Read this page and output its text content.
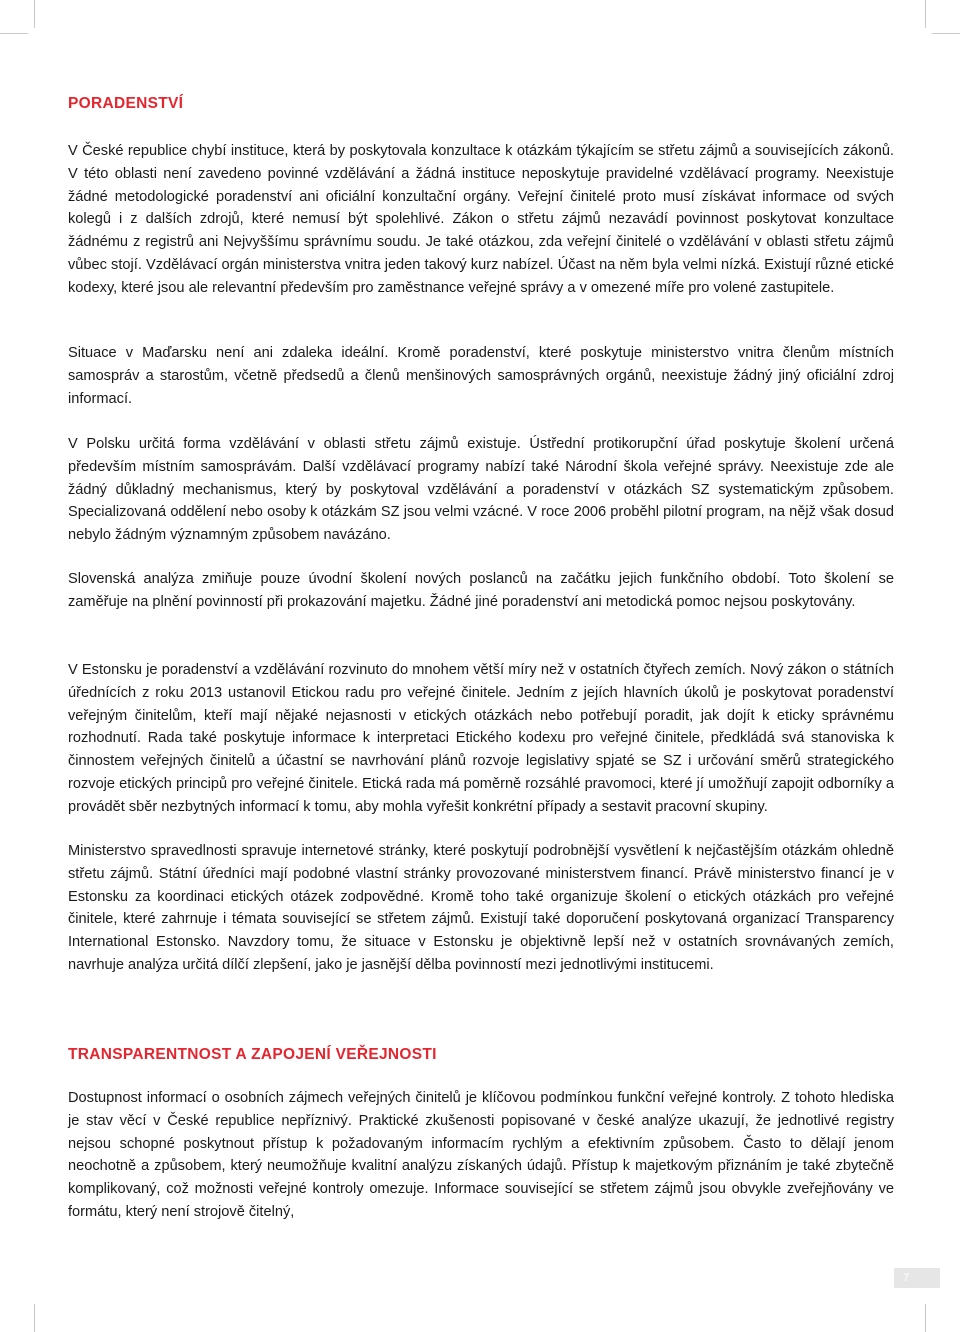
PORADENSTVÍ

V České republice chybí instituce, která by poskytovala konzultace k otázkám týkajícím se střetu zájmů a souvisejících zákonů. V této oblasti není zavedeno povinné vzdělávání a žádná instituce neposkytuje pravidelné vzdělávací programy. Neexistuje žádné metodologické poradenství ani oficiální konzultační orgány. Veřejní činitelé proto musí získávat informace od svých kolegů i z dalších zdrojů, které nemusí být spolehlivé. Zákon o střetu zájmů nezavádí povinnost poskytovat konzultace žádnému z registrů ani Nejvyššímu správnímu soudu. Je také otázkou, zda veřejní činitelé o vzdělávání v oblasti střetu zájmů vůbec stojí. Vzdělávací orgán ministerstva vnitra jeden takový kurz nabízel. Účast na něm byla velmi nízká. Existují různé etické kodexy, které jsou ale relevantní především pro zaměstnance veřejné správy a v omezené míře pro volené zastupitele.

Situace v Maďarsku není ani zdaleka ideální. Kromě poradenství, které poskytuje ministerstvo vnitra členům místních samospráv a starostům, včetně předsedů a členů menšinových samosprávných orgánů, neexistuje žádný jiný oficiální zdroj informací.

V Polsku určitá forma vzdělávání v oblasti střetu zájmů existuje. Ústřední protikorupční úřad poskytuje školení určená především místním samosprávám. Další vzdělávací programy nabízí také Národní škola veřejné správy. Neexistuje zde ale žádný důkladný mechanismus, který by poskytoval vzdělávání a poradenství v otázkách SZ systematickým způsobem. Specializovaná oddělení nebo osoby k otázkám SZ jsou velmi vzácné. V roce 2006 proběhl pilotní program, na nějž však dosud nebylo žádným významným způsobem navázáno.

Slovenská analýza zmiňuje pouze úvodní školení nových poslanců na začátku jejich funkčního období. Toto školení se zaměřuje na plnění povinností při prokazování majetku. Žádné jiné poradenství ani metodická pomoc nejsou poskytovány.

V Estonsku je poradenství a vzdělávání rozvinuto do mnohem větší míry než v ostatních čtyřech zemích. Nový zákon o státních úřednících z roku 2013 ustanovil Etickou radu pro veřejné činitele. Jedním z jejích hlavních úkolů je poskytovat poradenství veřejným činitelům, kteří mají nějaké nejasnosti v etických otázkách nebo potřebují poradit, jak dojít k eticky správnému rozhodnutí. Rada také poskytuje informace k interpretaci Etického kodexu pro veřejné činitele, předkládá svá stanoviska k činnostem veřejných činitelů a účastní se navrhování plánů rozvoje legislativy spjaté se SZ i určování směrů strategického rozvoje etických principů pro veřejné činitele. Etická rada má poměrně rozsáhlé pravomoci, které jí umožňují zapojit odborníky a provádět sběr nezbytných informací k tomu, aby mohla vyřešit konkrétní případy a sestavit pracovní skupiny.

Ministerstvo spravedlnosti spravuje internetové stránky, které poskytují podrobnější vysvětlení k nejčastějším otázkám ohledně střetu zájmů. Státní úředníci mají podobné vlastní stránky provozované ministerstvem financí. Právě ministerstvo financí je v Estonsku za koordinaci etických otázek zodpovědné. Kromě toho také organizuje školení o etických otázkách pro veřejné činitele, které zahrnuje i témata související se střetem zájmů. Existují také doporučení poskytovaná organizací Transparency International Estonsko. Navzdory tomu, že situace v Estonsku je objektivně lepší než v ostatních srovnávaných zemích, navrhuje analýza určitá dílčí zlepšení, jako je jasnější dělba povinností mezi jednotlivými institucemi.

TRANSPARENTNOST A ZAPOJENÍ VEŘEJNOSTI

Dostupnost informací o osobních zájmech veřejných činitelů je klíčovou podmínkou funkční veřejné kontroly. Z tohoto hlediska je stav věcí v České republice nepříznivý. Praktické zkušenosti popisované v české analýze ukazují, že jednotlivé registry nejsou schopné poskytnout přístup k požadovaným informacím rychlým a efektivním způsobem. Často to dělají jenom neochotně a způsobem, který neumožňuje kvalitní analýzu získaných údajů. Přístup k majetkovým přiznáním je také zbytečně komplikovaný, což možnosti veřejné kontroly omezuje. Informace související se střetem zájmů jsou obvykle zveřejňovány ve formátu, který není strojově čitelný,

7
